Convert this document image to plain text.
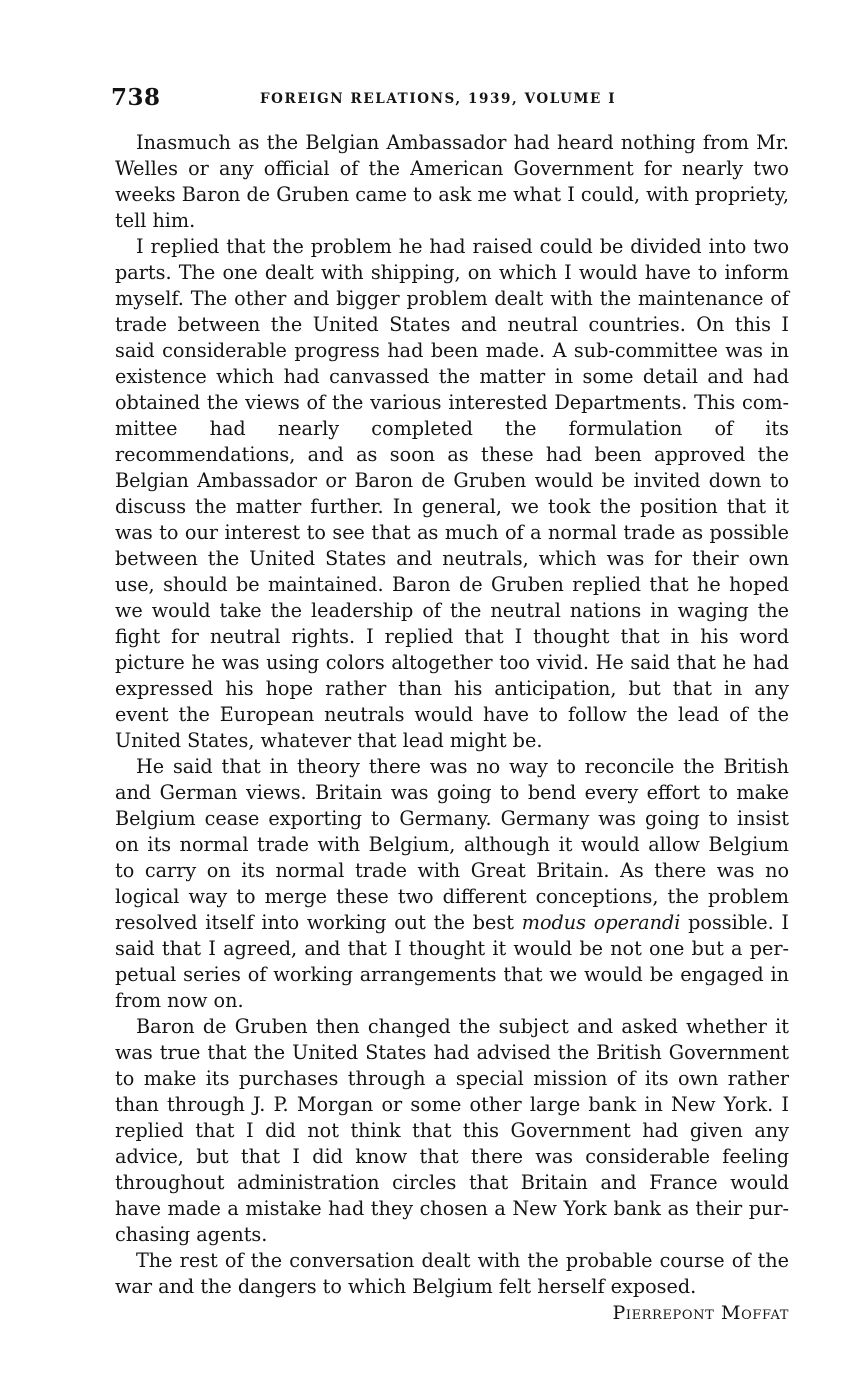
738	FOREIGN RELATIONS, 1939, VOLUME I

Inasmuch as the Belgian Ambassador had heard nothing from Mr. Welles or any official of the American Government for nearly two weeks Baron de Gruben came to ask me what I could, with propriety, tell him.

I replied that the problem he had raised could be divided into two parts. The one dealt with shipping, on which I would have to inform myself. The other and bigger problem dealt with the maintenance of trade between the United States and neutral countries. On this I said considerable progress had been made. A sub-committee was in existence which had canvassed the matter in some detail and had obtained the views of the various interested Departments. This committee had nearly completed the formulation of its recommendations, and as soon as these had been approved the Belgian Ambassador or Baron de Gruben would be invited down to discuss the matter further. In general, we took the position that it was to our interest to see that as much of a normal trade as possible between the United States and neutrals, which was for their own use, should be maintained. Baron de Gruben replied that he hoped we would take the leadership of the neutral nations in waging the fight for neutral rights. I replied that I thought that in his word picture he was using colors altogether too vivid. He said that he had expressed his hope rather than his anticipation, but that in any event the European neutrals would have to follow the lead of the United States, whatever that lead might be.

He said that in theory there was no way to reconcile the British and German views. Britain was going to bend every effort to make Belgium cease exporting to Germany. Germany was going to insist on its normal trade with Belgium, although it would allow Belgium to carry on its normal trade with Great Britain. As there was no logical way to merge these two different conceptions, the problem resolved itself into working out the best modus operandi possible. I said that I agreed, and that I thought it would be not one but a perpetual series of working arrangements that we would be engaged in from now on.

Baron de Gruben then changed the subject and asked whether it was true that the United States had advised the British Government to make its purchases through a special mission of its own rather than through J. P. Morgan or some other large bank in New York. I replied that I did not think that this Government had given any advice, but that I did know that there was considerable feeling throughout administration circles that Britain and France would have made a mistake had they chosen a New York bank as their purchasing agents.

The rest of the conversation dealt with the probable course of the war and the dangers to which Belgium felt herself exposed.

Pierrepont Moffat
